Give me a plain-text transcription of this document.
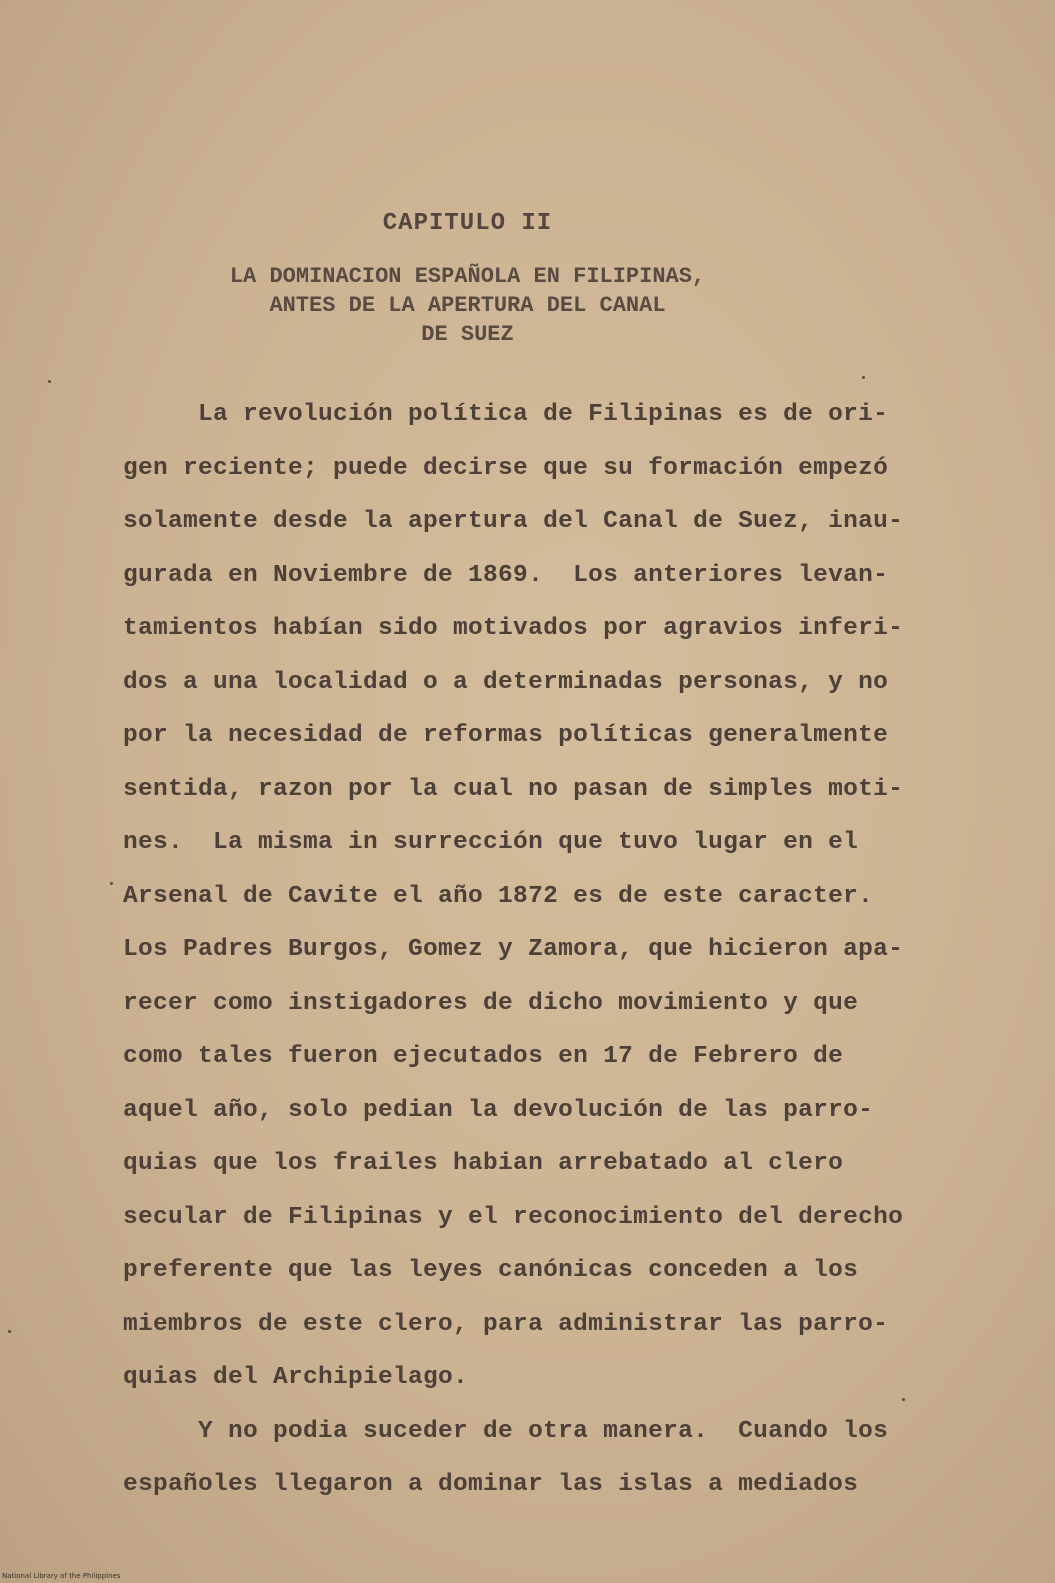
CAPITULO II
LA DOMINACION ESPAÑOLA EN FILIPINAS,
ANTES DE LA APERTURA DEL CANAL
DE SUEZ
La revolución política de Filipinas es de ori-
gen reciente; puede decirse que su formación empezó
solamente desde la apertura del Canal de Suez, inau-
gurada en Noviembre de 1869.  Los anteriores levan-
tamientos habían sido motivados por agravios inferi-
dos a una localidad o a determinadas personas, y no
por la necesidad de reformas políticas generalmente
sentida, razon por la cual no pasan de simples moti-
nes.  La misma in surrección que tuvo lugar en el
Arsenal de Cavite el año 1872 es de este caracter.
Los Padres Burgos, Gomez y Zamora, que hicieron apa-
recer como instigadores de dicho movimiento y que
como tales fueron ejecutados en 17 de Febrero de
aquel año, solo pedian la devolución de las parro-
quias que los frailes habian arrebatado al clero
secular de Filipinas y el reconocimiento del derecho
preferente que las leyes canónicas conceden a los
miembros de este clero, para administrar las parro-
quias del Archipielago.
Y no podia suceder de otra manera.  Cuando los
españoles llegaron a dominar las islas a mediados
National Library of the Philippines
